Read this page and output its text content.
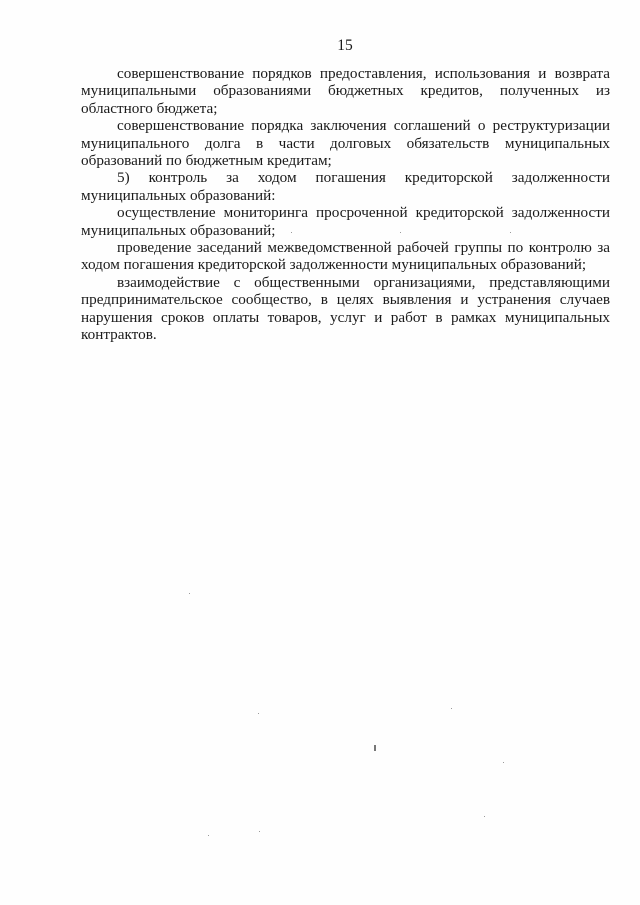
15

совершенствование порядков предоставления, использования и возврата муниципальными образованиями бюджетных кредитов, полученных из областного бюджета;

совершенствование порядка заключения соглашений о реструктуризации муниципального долга в части долговых обязательств муниципальных образований по бюджетным кредитам;

5) контроль за ходом погашения кредиторской задолженности муниципальных образований:

осуществление мониторинга просроченной кредиторской задолженности муниципальных образований;

проведение заседаний межведомственной рабочей группы по контролю за ходом погашения кредиторской задолженности муниципальных образований;

взаимодействие с общественными организациями, представляющими предпринимательское сообщество, в целях выявления и устранения случаев нарушения сроков оплаты товаров, услуг и работ в рамках муниципальных контрактов.
